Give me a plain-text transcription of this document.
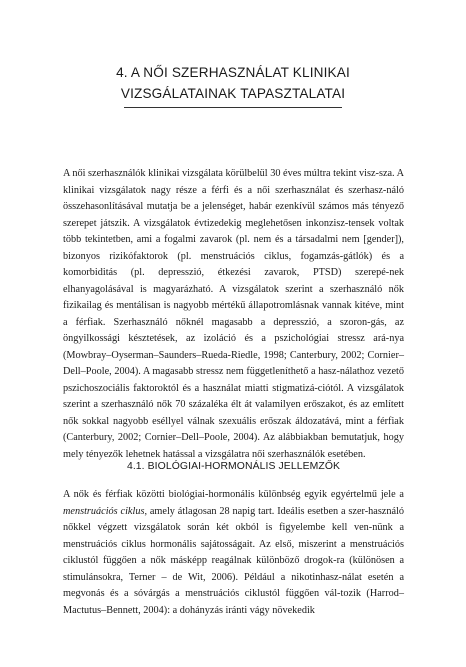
4. A NŐI SZERHASZNÁLAT KLINIKAI
VIZSGÁLATAINAK TAPASZTALATAI

A női szerhasználók klinikai vizsgálata körülbelül 30 éves múltra tekint visz-sza. A klinikai vizsgálatok nagy része a férfi és a női szerhasználat és szerhasz-náló összehasonlításával mutatja be a jelenséget, habár ezenkívül számos más tényező szerepet játszik. A vizsgálatok évtizedekig meglehetősen inkonzisz-tensek voltak több tekintetben, ami a fogalmi zavarok (pl. nem és a társadalmi nem [gender]), bizonyos rizikófaktorok (pl. menstruációs ciklus, fogamzás-gátlók) és a komorbiditás (pl. depresszió, étkezési zavarok, PTSD) szerepé-nek elhanyagolásával is magyarázható. A vizsgálatok szerint a szerhasználó nők fizikailag és mentálisan is nagyobb mértékű állapotromlásnak vannak kitéve, mint a férfiak. Szerhasználó nőknél magasabb a depresszió, a szoron-gás, az öngyilkossági késztetések, az izoláció és a pszichológiai stressz ará-nya (Mowbray–Oyserman–Saunders–Rueda-Riedle, 1998; Canterbury, 2002; Cornier–Dell–Poole, 2004). A magasabb stressz nem függetleníthető a hasz-nálathoz vezető pszichoszociális faktoroktól és a használat miatti stigmatizá-ciótól. A vizsgálatok szerint a szerhasználó nők 70 százaléka élt át valamilyen erőszakot, és az említett nők sokkal nagyobb eséllyel válnak szexuális erőszak áldozatává, mint a férfiak (Canterbury, 2002; Cornier–Dell–Poole, 2004). Az alábbiakban bemutatjuk, hogy mely tényezők lehetnek hatással a vizsgálatra női szerhasználók esetében.

4.1. BIOLÓGIAI-HORMONÁLIS JELLEMZŐK

A nők és férfiak közötti biológiai-hormonális különbség egyik egyértelmű jele a menstruációs ciklus, amely átlagosan 28 napig tart. Ideális esetben a szer-használó nőkkel végzett vizsgálatok során két okból is figyelembe kell ven-nünk a menstruációs ciklus hormonális sajátosságait. Az első, miszerint a menstruációs ciklustól függően a nők másképp reagálnak különböző drogok-ra (különösen a stimulánsokra, Terner – de Wit, 2006). Például a nikotinhasz-nálat esetén a megvonás és a sóvárgás a menstruációs ciklustól függően vál-tozik (Harrod–Mactutus–Bennett, 2004): a dohányzás iránti vágy növekedik
